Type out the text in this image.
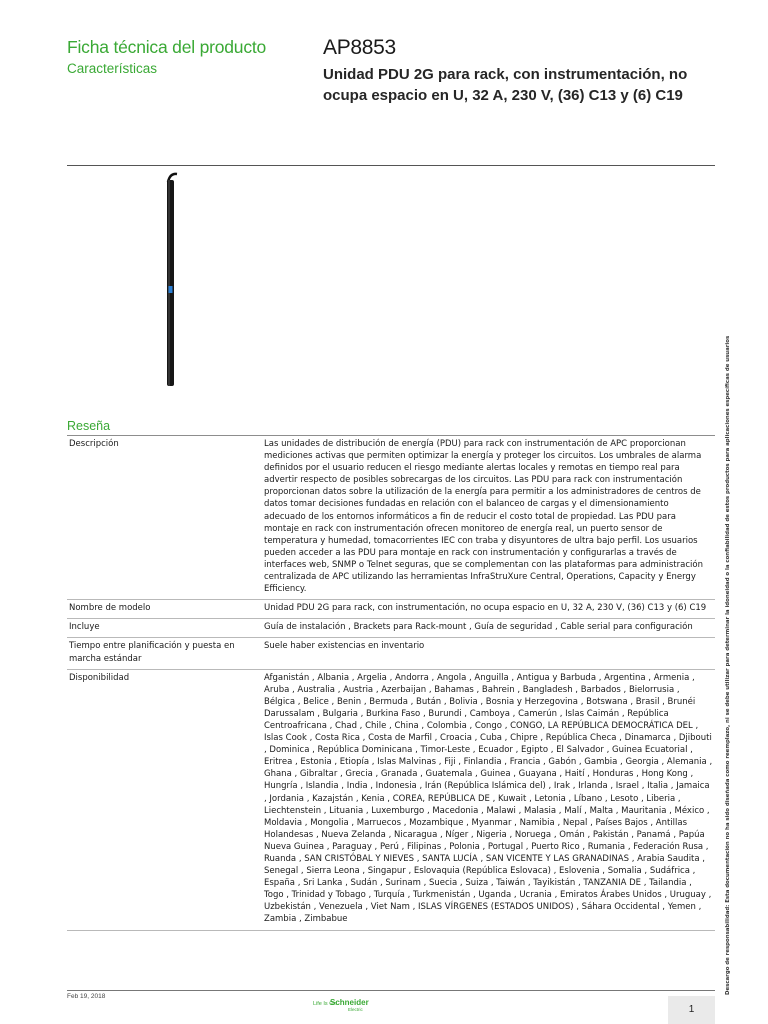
Ficha técnica del producto
Características
AP8853
Unidad PDU 2G para rack, con instrumentación, no ocupa espacio en U, 32 A, 230 V, (36) C13 y (6) C19
Reseña
Descripción	Las unidades de distribución de energía (PDU) para rack con instrumentación de APC proporcionan mediciones activas que permiten optimizar la energía y proteger los circuitos. Los umbrales de alarma definidos por el usuario reducen el riesgo mediante alertas locales y remotas en tiempo real para advertir respecto de posibles sobrecargas de los circuitos. Las PDU para rack con instrumentación proporcionan datos sobre la utilización de la energía para permitir a los administradores de centros de datos tomar decisiones fundadas en relación con el balanceo de cargas y el dimensionamiento adecuado de los entornos informáticos a fin de reducir el costo total de propiedad. Las PDU para montaje en rack con instrumentación ofrecen monitoreo de energía real, un puerto sensor de temperatura y humedad, tomacorrientes IEC con traba y disyuntores de ultra bajo perfil. Los usuarios pueden acceder a las PDU para montaje en rack con instrumentación y configurarlas a través de interfaces web, SNMP o Telnet seguras, que se complementan con las plataformas para administración centralizada de APC utilizando las herramientas InfraStruXure Central, Operations, Capacity y Energy Efficiency.
Nombre de modelo	Unidad PDU 2G para rack, con instrumentación, no ocupa espacio en U, 32 A, 230 V, (36) C13 y (6) C19
Incluye	Guía de instalación , Brackets para Rack-mount , Guía de seguridad , Cable serial para configuración
Tiempo entre planificación y puesta en marcha estándar	Suele haber existencias en inventario
Disponibilidad	Afganistán , Albania , Argelia , Andorra , Angola , Anguilla , Antigua y Barbuda , Argentina , Armenia , Aruba , Australia , Austria , Azerbaijan , Bahamas , Bahrein , Bangladesh , Barbados , Bielorrusia , Bélgica , Belice , Benin , Bermuda , Bután , Bolivia , Bosnia y Herzegovina , Botswana , Brasil , Brunéi Darussalam , Bulgaria , Burkina Faso , Burundi , Camboya , Camerún , Islas Caimán , República Centroafricana , Chad , Chile , China , Colombia , Congo , CONGO, LA REPÚBLICA DEMOCRÁTICA DEL , Islas Cook , Costa Rica , Costa de Marfil , Croacia , Cuba , Chipre , República Checa , Dinamarca , Djibouti , Dominica , República Dominicana , Timor-Leste , Ecuador , Egipto , El Salvador , Guinea Ecuatorial , Eritrea , Estonia , Etiopía , Islas Malvinas , Fiji , Finlandia , Francia , Gabón , Gambia , Georgia , Alemania , Ghana , Gibraltar , Grecia , Granada , Guatemala , Guinea , Guayana , Haití , Honduras , Hong Kong , Hungría , Islandia , India , Indonesia , Irán (República Islámica del) , Irak , Irlanda , Israel , Italia , Jamaica , Jordania , Kazajstán , Kenia , COREA, REPÚBLICA DE , Kuwait , Letonia , Líbano , Lesoto , Liberia , Liechtenstein , Lituania , Luxemburgo , Macedonia , Malawi , Malasia , Malí , Malta , Mauritania , México , Moldavia , Mongolia , Marruecos , Mozambique , Myanmar , Namibia , Nepal , Países Bajos , Antillas Holandesas , Nueva Zelanda , Nicaragua , Níger , Nigeria , Noruega , Omán , Pakistán , Panamá , Papúa Nueva Guinea , Paraguay , Perú , Filipinas , Polonia , Portugal , Puerto Rico , Rumania , Federación Rusa , Ruanda , SAN CRISTÓBAL Y NIEVES , SANTA LUCÍA , SAN VICENTE Y LAS GRANADINAS , Arabia Saudita , Senegal , Sierra Leona , Singapur , Eslovaquia (República Eslovaca) , Eslovenia , Somalia , Sudáfrica , España , Sri Lanka , Sudán , Surinam , Suecia , Suiza , Taiwán , Tayikistán , TANZANIA DE , Tailandia , Togo , Trinidad y Tobago , Turquía , Turkmenistán , Uganda , Ucrania , Emiratos Árabes Unidos , Uruguay , Uzbekistán , Venezuela , Viet Nam , ISLAS VÍRGENES (ESTADOS UNIDOS) , Sáhara Occidental , Yemen , Zambia , Zimbabue	Descargo de responsabilidad: Esta documentación no ha sido diseñada como reemplazo, ni se debe utilizar para determinar la idoneidad o la confiabilidad de estos productos para aplicaciones específicas de usuarios
Feb 19, 2018
Life Is On
Schneider
Electric	1
